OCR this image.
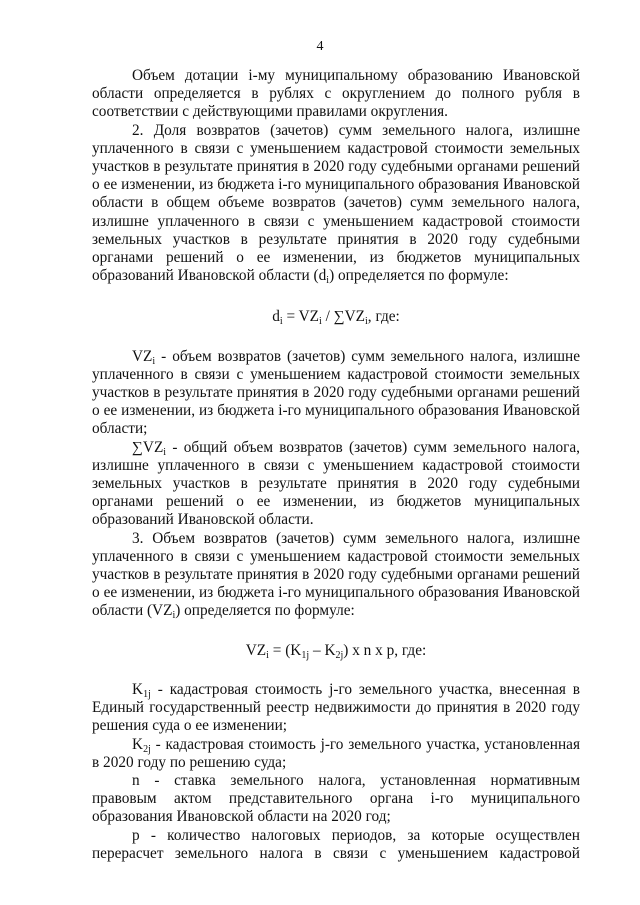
4

Объем дотации i-му муниципальному образованию Ивановской области определяется в рублях с округлением до полного рубля в соответствии с действующими правилами округления.

2. Доля возвратов (зачетов) сумм земельного налога, излишне уплаченного в связи с уменьшением кадастровой стоимости земельных участков в результате принятия в 2020 году судебными органами решений о ее изменении, из бюджета i-го муниципального образования Ивановской области в общем объеме возвратов (зачетов) сумм земельного налога, излишне уплаченного в связи с уменьшением кадастровой стоимости земельных участков в результате принятия в 2020 году судебными органами решений о ее изменении, из бюджетов муниципальных образований Ивановской области $(d_i)$ определяется по формуле:

$d_i = VZ_i / \sum VZ_i$, где:

$VZ_i$ - объем возвратов (зачетов) сумм земельного налога, излишне уплаченного в связи с уменьшением кадастровой стоимости земельных участков в результате принятия в 2020 году судебными органами решений о ее изменении, из бюджета i-го муниципального образования Ивановской области;

$\sum VZ_i$ - общий объем возвратов (зачетов) сумм земельного налога, излишне уплаченного в связи с уменьшением кадастровой стоимости земельных участков в результате принятия в 2020 году судебными органами решений о ее изменении, из бюджетов муниципальных образований Ивановской области.

3. Объем возвратов (зачетов) сумм земельного налога, излишне уплаченного в связи с уменьшением кадастровой стоимости земельных участков в результате принятия в 2020 году судебными органами решений о ее изменении, из бюджета i-го муниципального образования Ивановской области $(VZ_i)$ определяется по формуле:

$VZ_i = (K_{1j} - K_{2j})$ x n x p, где:

$K_{1j}$ - кадастровая стоимость j-го земельного участка, внесенная в Единый государственный реестр недвижимости до принятия в 2020 году решения суда о ее изменении;

$K_{2j}$ - кадастровая стоимость j-го земельного участка, установленная в 2020 году по решению суда;

n - ставка земельного налога, установленная нормативным правовым актом представительного органа i-го муниципального образования Ивановской области на 2020 год;

p - количество налоговых периодов, за которые осуществлен перерасчет земельного налога в связи с уменьшением кадастровой
